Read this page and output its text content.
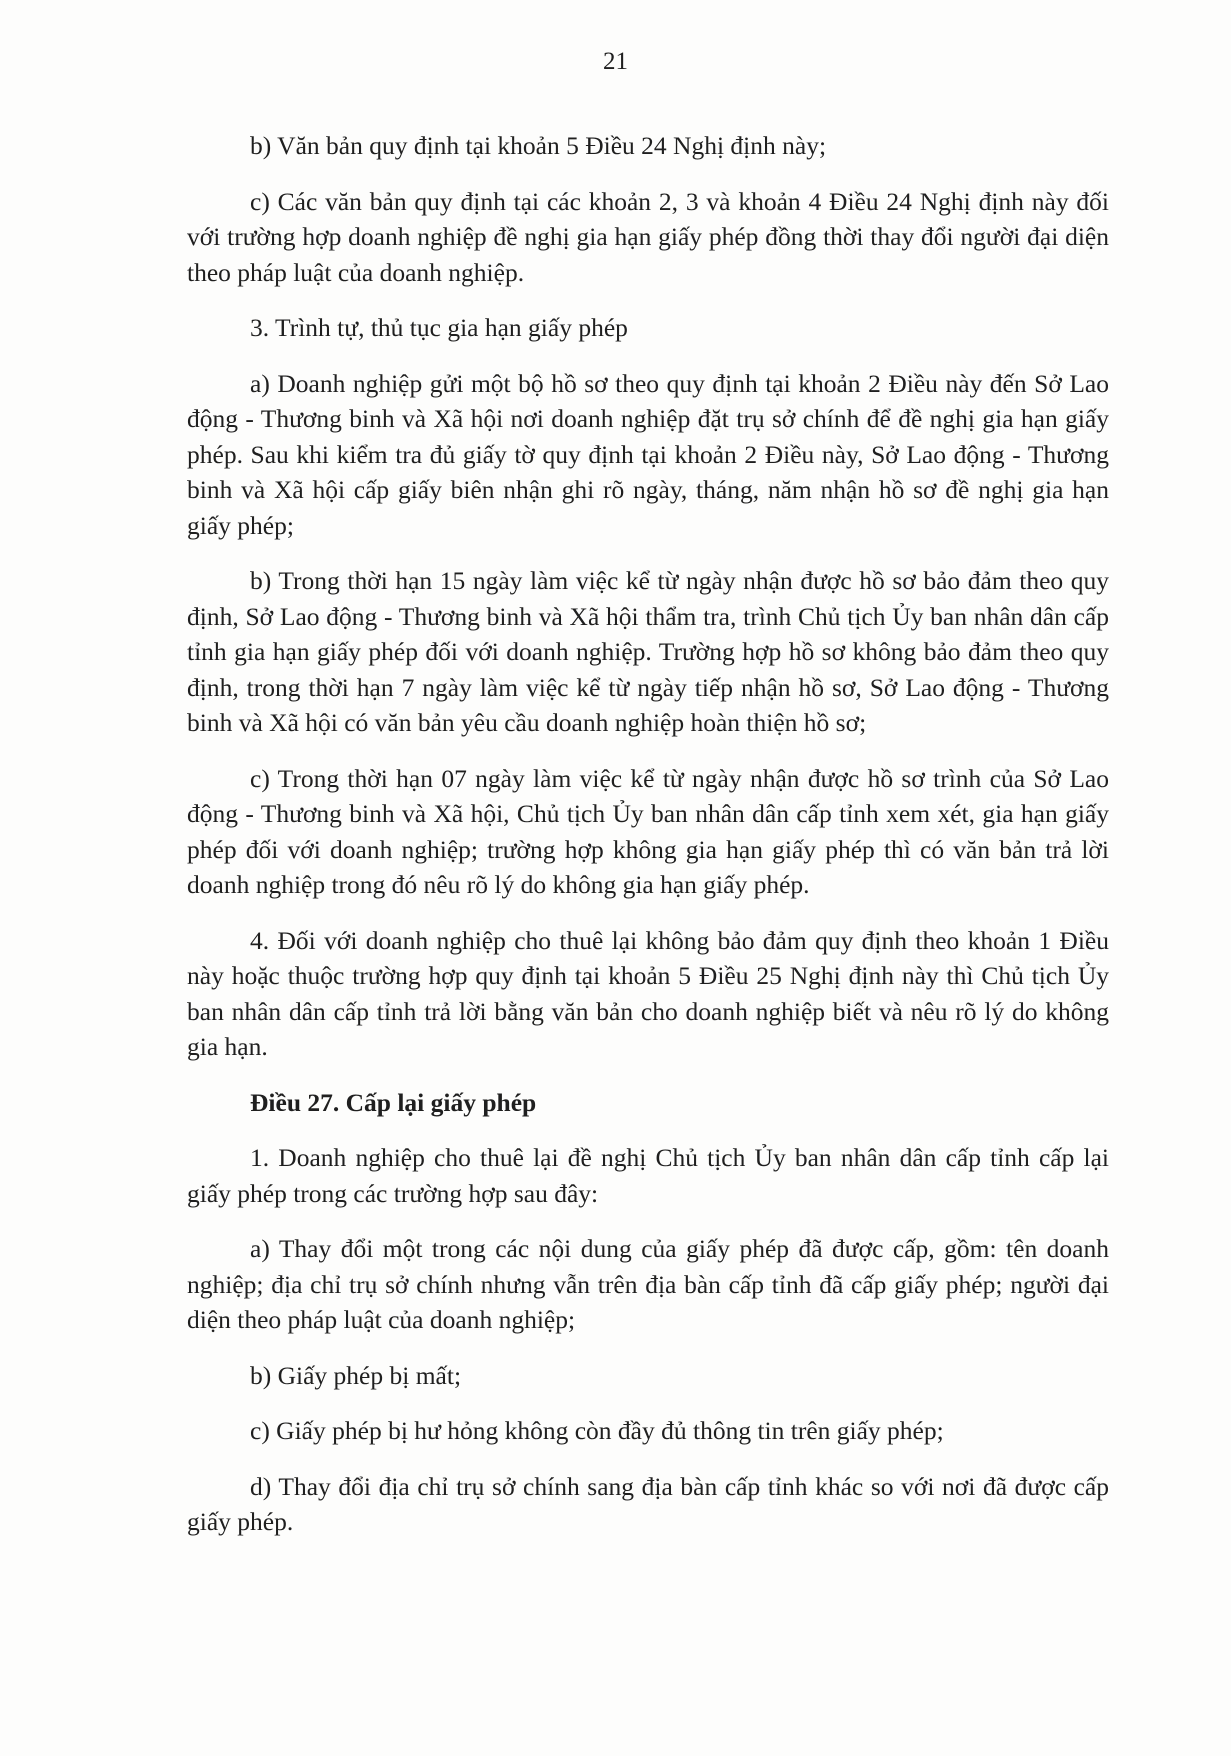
21

b) Văn bản quy định tại khoản 5 Điều 24 Nghị định này;

c) Các văn bản quy định tại các khoản 2, 3 và khoản 4 Điều 24 Nghị định này đối với trường hợp doanh nghiệp đề nghị gia hạn giấy phép đồng thời thay đổi người đại diện theo pháp luật của doanh nghiệp.

3. Trình tự, thủ tục gia hạn giấy phép

a) Doanh nghiệp gửi một bộ hồ sơ theo quy định tại khoản 2 Điều này đến Sở Lao động - Thương binh và Xã hội nơi doanh nghiệp đặt trụ sở chính để đề nghị gia hạn giấy phép. Sau khi kiểm tra đủ giấy tờ quy định tại khoản 2 Điều này, Sở Lao động - Thương binh và Xã hội cấp giấy biên nhận ghi rõ ngày, tháng, năm nhận hồ sơ đề nghị gia hạn giấy phép;

b) Trong thời hạn 15 ngày làm việc kể từ ngày nhận được hồ sơ bảo đảm theo quy định, Sở Lao động - Thương binh và Xã hội thẩm tra, trình Chủ tịch Ủy ban nhân dân cấp tỉnh gia hạn giấy phép đối với doanh nghiệp. Trường hợp hồ sơ không bảo đảm theo quy định, trong thời hạn 7 ngày làm việc kể từ ngày tiếp nhận hồ sơ, Sở Lao động - Thương binh và Xã hội có văn bản yêu cầu doanh nghiệp hoàn thiện hồ sơ;

c) Trong thời hạn 07 ngày làm việc kể từ ngày nhận được hồ sơ trình của Sở Lao động - Thương binh và Xã hội, Chủ tịch Ủy ban nhân dân cấp tỉnh xem xét, gia hạn giấy phép đối với doanh nghiệp; trường hợp không gia hạn giấy phép thì có văn bản trả lời doanh nghiệp trong đó nêu rõ lý do không gia hạn giấy phép.

4. Đối với doanh nghiệp cho thuê lại không bảo đảm quy định theo khoản 1 Điều này hoặc thuộc trường hợp quy định tại khoản 5 Điều 25 Nghị định này thì Chủ tịch Ủy ban nhân dân cấp tỉnh trả lời bằng văn bản cho doanh nghiệp biết và nêu rõ lý do không gia hạn.

Điều 27. Cấp lại giấy phép

1. Doanh nghiệp cho thuê lại đề nghị Chủ tịch Ủy ban nhân dân cấp tỉnh cấp lại giấy phép trong các trường hợp sau đây:

a) Thay đổi một trong các nội dung của giấy phép đã được cấp, gồm: tên doanh nghiệp; địa chỉ trụ sở chính nhưng vẫn trên địa bàn cấp tỉnh đã cấp giấy phép; người đại diện theo pháp luật của doanh nghiệp;

b) Giấy phép bị mất;

c) Giấy phép bị hư hỏng không còn đầy đủ thông tin trên giấy phép;

d) Thay đổi địa chỉ trụ sở chính sang địa bàn cấp tỉnh khác so với nơi đã được cấp giấy phép.
